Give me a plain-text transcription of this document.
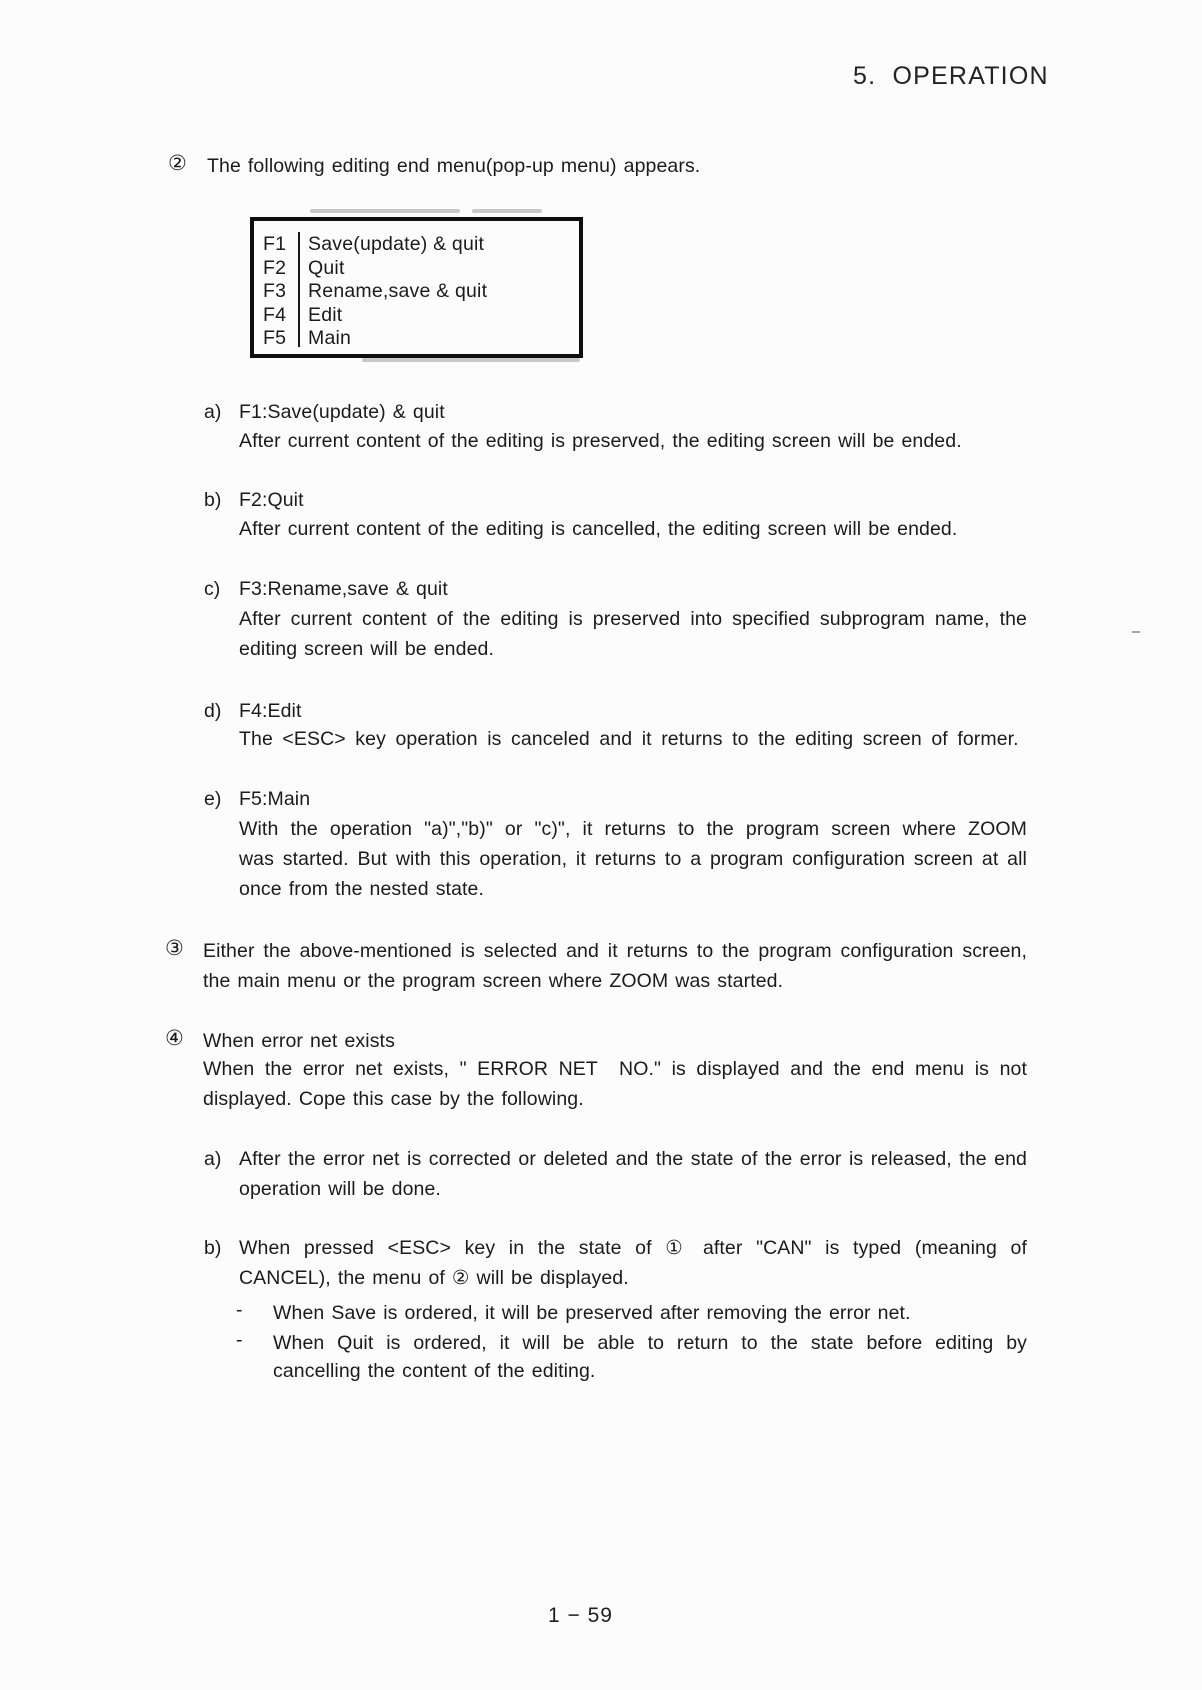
5.  OPERATION
② The following editing end menu(pop-up menu) appears.
F1	Save(update) & quit
F2	Quit
F3	Rename,save & quit
F4	Edit
F5	Main
a) F1:Save(update) & quit
After current content of the editing is preserved, the editing screen will be ended.
b) F2:Quit
After current content of the editing is cancelled, the editing screen will be ended.
c) F3:Rename,save & quit
After current content of the editing is preserved into specified subprogram name, the
editing screen will be ended.
d) F4:Edit
The <ESC> key operation is canceled and it returns to the editing screen of former.
e) F5:Main
With the operation "a)","b)" or "c)", it returns to the program screen where ZOOM
was started. But with this operation, it returns to a program configuration screen at all
once from the nested state.
③ Either the above-mentioned is selected and it returns to the program configuration screen,
the main menu or the program screen where ZOOM was started.
④ When error net exists
When the error net exists, " ERROR NET  NO." is displayed and the end menu is not
displayed. Cope this case by the following.
a) After the error net is corrected or deleted and the state of the error is released, the end
operation will be done.
b) When pressed <ESC> key in the state of ① after "CAN" is typed (meaning of
CANCEL), the menu of ② will be displayed.
- When Save is ordered, it will be preserved after removing the error net.
- When Quit is ordered, it will be able to return to the state before editing by
cancelling the content of the editing.
1 − 59
